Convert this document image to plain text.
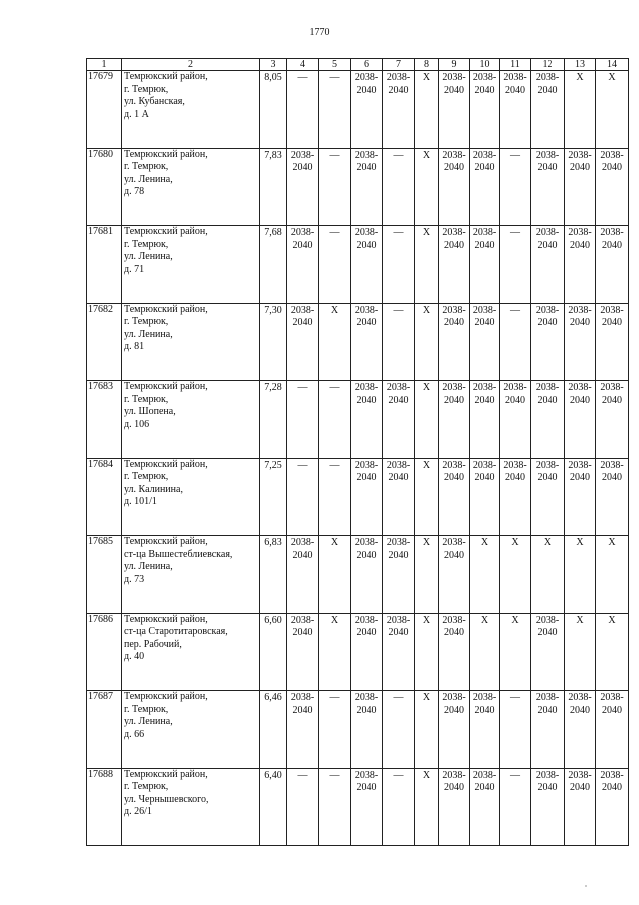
1770
1	2	3	4	5	6	7	8	9	10	11	12	13	14
17679	Темрюкский район,
г. Темрюк,
ул. Кубанская,
д. 1 А	8,05	—	—	2038-
2040	2038-
2040	Х	2038-
2040	2038-
2040	2038-
2040	2038-
2040	Х	Х
17680	Темрюкский район,
г. Темрюк,
ул. Ленина,
д. 78	7,83	2038-
2040	—	2038-
2040	—	Х	2038-
2040	2038-
2040	—	2038-
2040	2038-
2040	2038-
2040
17681	Темрюкский район,
г. Темрюк,
ул. Ленина,
д. 71	7,68	2038-
2040	—	2038-
2040	—	Х	2038-
2040	2038-
2040	—	2038-
2040	2038-
2040	2038-
2040
17682	Темрюкский район,
г. Темрюк,
ул. Ленина,
д. 81	7,30	2038-
2040	Х	2038-
2040	—	Х	2038-
2040	2038-
2040	—	2038-
2040	2038-
2040	2038-
2040
17683	Темрюкский район,
г. Темрюк,
ул. Шопена,
д. 106	7,28	—	—	2038-
2040	2038-
2040	Х	2038-
2040	2038-
2040	2038-
2040	2038-
2040	2038-
2040	2038-
2040
17684	Темрюкский район,
г. Темрюк,
ул. Калинина,
д. 101/1	7,25	—	—	2038-
2040	2038-
2040	Х	2038-
2040	2038-
2040	2038-
2040	2038-
2040	2038-
2040	2038-
2040
17685	Темрюкский район,
ст-ца Вышестеблиевская,
ул. Ленина,
д. 73	6,83	2038-
2040	Х	2038-
2040	2038-
2040	Х	2038-
2040	Х	Х	Х	Х	Х
17686	Темрюкский район,
ст-ца Старотитаровская,
пер. Рабочий,
д. 40	6,60	2038-
2040	Х	2038-
2040	2038-
2040	Х	2038-
2040	Х	Х	2038-
2040	Х	Х
17687	Темрюкский район,
г. Темрюк,
ул. Ленина,
д. 66	6,46	2038-
2040	—	2038-
2040	—	Х	2038-
2040	2038-
2040	—	2038-
2040	2038-
2040	2038-
2040
17688	Темрюкский район,
г. Темрюк,
ул. Чернышевского,
д. 26/1	6,40	—	—	2038-
2040	—	Х	2038-
2040	2038-
2040	—	2038-
2040	2038-
2040	2038-
2040
